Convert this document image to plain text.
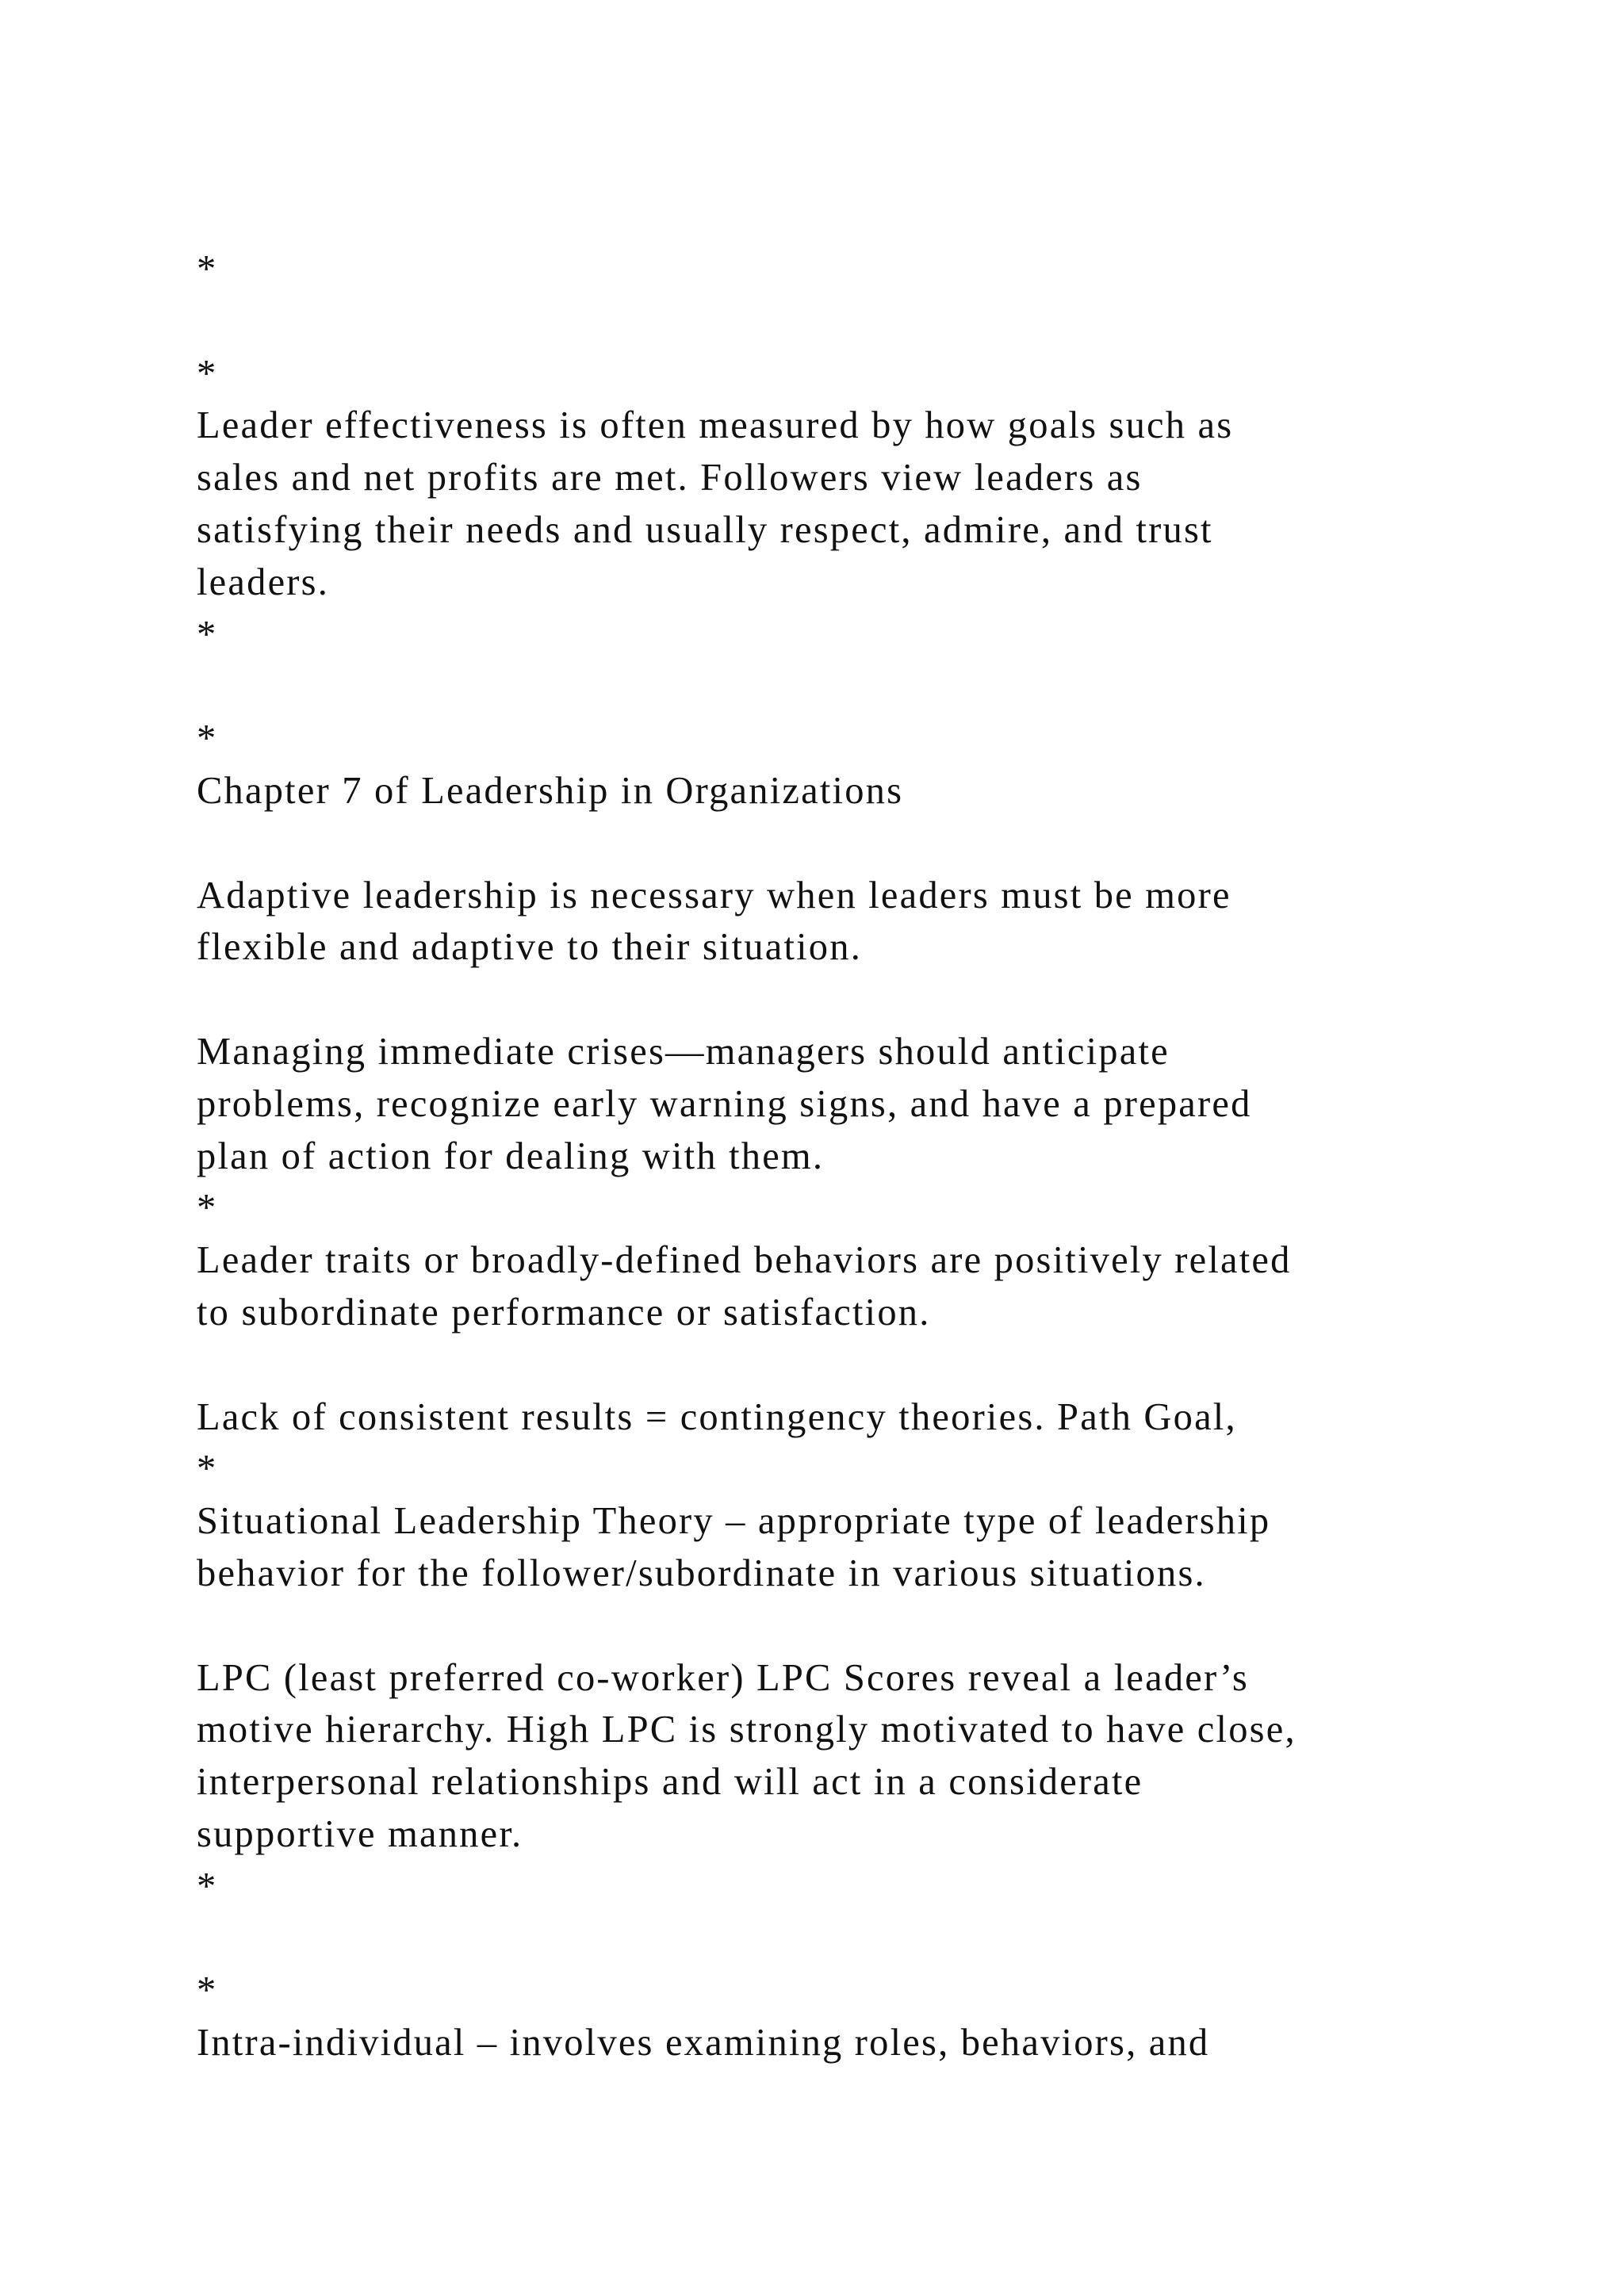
*
*
Leader effectiveness is often measured by how goals such as
sales and net profits are met. Followers view leaders as
satisfying their needs and usually respect, admire, and trust
leaders.
*
*
Chapter 7 of Leadership in Organizations
Adaptive leadership is necessary when leaders must be more
flexible and adaptive to their situation.
Managing immediate crises—managers should anticipate
problems, recognize early warning signs, and have a prepared
plan of action for dealing with them.
*
Leader traits or broadly-defined behaviors are positively related
to subordinate performance or satisfaction.
Lack of consistent results = contingency theories. Path Goal,
*
Situational Leadership Theory – appropriate type of leadership
behavior for the follower/subordinate in various situations.
LPC (least preferred co-worker) LPC Scores reveal a leader’s
motive hierarchy. High LPC is strongly motivated to have close,
interpersonal relationships and will act in a considerate
supportive manner.
*
*
Intra-individual – involves examining roles, behaviors, and
